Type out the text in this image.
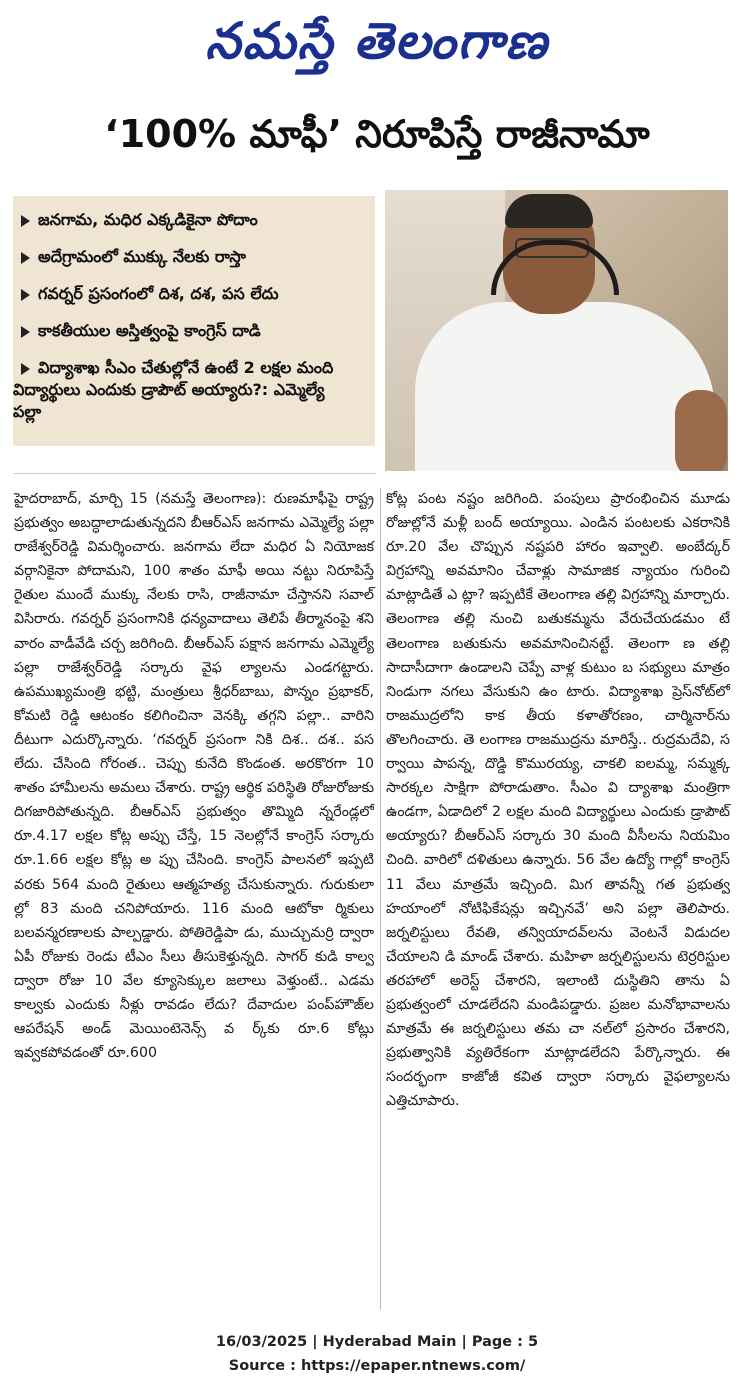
నమస్తే తెలంగాణ
‘100% మాఫీ’ నిరూపిస్తే రాజీనామా
జనగామ, మధిర ఎక్కడికైనా పోదాం
అదేగ్రామంలో ముక్కు నేలకు రాస్తా
గవర్నర్ ప్రసంగంలో దిశ, దశ, పస లేదు
కాకతీయుల అస్తిత్వంపై కాంగ్రెస్ దాడి
విద్యాశాఖ సీఎం చేతుల్లోనే ఉంటే 2 లక్షల మంది విద్యార్థులు ఎందుకు డ్రాపౌట్ అయ్యారు?: ఎమ్మెల్యే పల్లా

హైదరాబాద్, మార్చి 15 (నమస్తే తెలంగాణ): రుణమాఫీపై రాష్ట్ర ప్రభుత్వం అబద్ధాలాడుతున్నదని బీఆర్ఎస్ జనగామ ఎమ్మెల్యే పల్లా రాజేశ్వర్‌రెడ్డి విమర్శించారు. జనగామ లేదా మధిర ఏ నియోజక వర్గానికైనా పోదామని, 100 శాతం మాఫీ అయి నట్టు నిరూపిస్తే రైతుల ముందే ముక్కు నేలకు రాసి, రాజీనామా చేస్తానని సవాల్ విసిరారు. గవర్నర్ ప్రసంగానికి ధన్యవాదాలు తెలిపే తీర్మానంపై శని వారం వాడీవేడి చర్చ జరిగింది. బీఆర్ఎస్ పక్షాన జనగామ ఎమ్మెల్యే పల్లా రాజేశ్వర్‌రెడ్డి సర్కారు వైఫ ల్యాలను ఎండగట్టారు. ఉపముఖ్యమంత్రి భట్టి, మంత్రులు శ్రీధర్‌బాబు, పొన్నం ప్రభాకర్, కోమటి రెడ్డి ఆటంకం కలిగించినా వెనక్కి తగ్గని పల్లా.. వారిని దీటుగా ఎదుర్కొన్నారు. ‘గవర్నర్ ప్రసంగా నికి దిశ.. దశ.. పస లేదు. చేసింది గోరంత.. చెప్పు కునేది కొండంత. అరకొరగా 10 శాతం హామీలను అమలు చేశారు. రాష్ట్ర ఆర్థిక పరిస్థితి రోజురోజుకు దిగజారిపోతున్నది. బీఆర్ఎస్ ప్రభుత్వం తొమ్మిది న్నరేండ్లలో రూ.4.17 లక్షల కోట్ల అప్పు చేస్తే, 15 నెలల్లోనే కాంగ్రెస్ సర్కారు రూ.1.66 లక్షల కోట్ల అ ప్పు చేసింది. కాంగ్రెస్ పాలనలో ఇప్పటి వరకు 564 మంది రైతులు ఆత్మహత్య చేసుకున్నారు. గురుకులా ల్లో 83 మంది చనిపోయారు. 116 మంది ఆటోకా ర్మికులు బలవన్మరణాలకు పాల్పడ్డారు. పోతిరెడ్డిపా డు, ముచ్చుమర్రి ద్వారా ఏపీ రోజుకు రెండు టీఎం సీలు తీసుకెళ్తున్నది. సాగర్ కుడి కాల్వ ద్వారా రోజు 10 వేల క్యూసెక్కుల జలాలు వెళ్తుంటే.. ఎడమ కాల్వకు ఎందుకు నీళ్లు రావడం లేదు? దేవాదుల పంప్‌హౌజ్‌ల ఆపరేషన్ అండ్ మెయింటెనెన్స్ వ ర్క్‌కు రూ.6 కోట్లు ఇవ్వకపోవడంతో రూ.600

కోట్ల పంట నష్టం జరిగింది. పంపులు ప్రారంభించిన మూడు రోజుల్లోనే మళ్లీ బంద్ అయ్యాయి. ఎండిన పంటలకు ఎకరానికి రూ.20 వేల చొప్పున నష్టపరి హారం ఇవ్వాలి. అంబేద్కర్ విగ్రహాన్ని అవమానిం చేవాళ్లు సామాజిక న్యాయం గురించి మాట్లాడితే ఎ ట్లా? ఇప్పటికే తెలంగాణ తల్లి విగ్రహాన్ని మార్చారు. తెలంగాణ తల్లి నుంచి బతుకమ్మను వేరుచేయడమం టే తెలంగాణ బతుకును అవమానించినట్టే. తెలంగా ణ తల్లి సాదాసీదాగా ఉండాలని చెప్పే వాళ్ల కుటుం బ సభ్యులు మాత్రం నిండుగా నగలు వేసుకుని ఉం టారు. విద్యాశాఖ ప్రెస్‌నోట్‌లో రాజముద్రలోని కాక తీయ కళాతోరణం, చార్మినార్‌ను తొలగించారు. తె లంగాణ రాజముద్రను మారిస్తే.. రుద్రమదేవి, స ర్వాయి పాపన్న, దొడ్డి కొమురయ్య, చాకలి ఐలమ్మ, సమ్మక్క సారక్కల సాక్షిగా పోరాడుతాం. సీఎం వి ద్యాశాఖ మంత్రిగా ఉండగా, ఏడాదిలో 2 లక్షల మంది విద్యార్థులు ఎందుకు డ్రాపౌట్ అయ్యారు? బీఆర్ఎస్ సర్కారు 30 మంది వీసీలను నియమిం చింది. వారిలో దళితులు ఉన్నారు. 56 వేల ఉద్యో గాల్లో కాంగ్రెస్ 11 వేలు మాత్రమే ఇచ్చింది. మిగ తావన్నీ గత ప్రభుత్వ హయాంలో నోటిఫికేషన్లు ఇచ్చినవే’ అని పల్లా తెలిపారు. జర్నలిస్టులు రేవతి, తన్వియాదవ్‌లను వెంటనే విడుదల చేయాలని డి మాండ్ చేశారు. మహిళా జర్నలిస్టులను టెర్రరిస్టుల తరహాలో అరెస్ట్ చేశారని, ఇలాంటి దుస్థితిని తాను ఏ ప్రభుత్వంలో చూడలేదని మండిపడ్డారు. ప్రజల మనోభావాలను మాత్రమే ఈ జర్నలిస్టులు తమ చా నల్‌లో ప్రసారం చేశారని, ప్రభుత్వానికి వ్యతిరేకంగా మాట్లాడలేదని పేర్కొన్నారు. ఈ సందర్భంగా కాజోజీ కవిత ద్వారా సర్కారు వైఫల్యాలను ఎత్తిచూపారు.

16/03/2025 | Hyderabad Main | Page : 5
Source : https://epaper.ntnews.com/
